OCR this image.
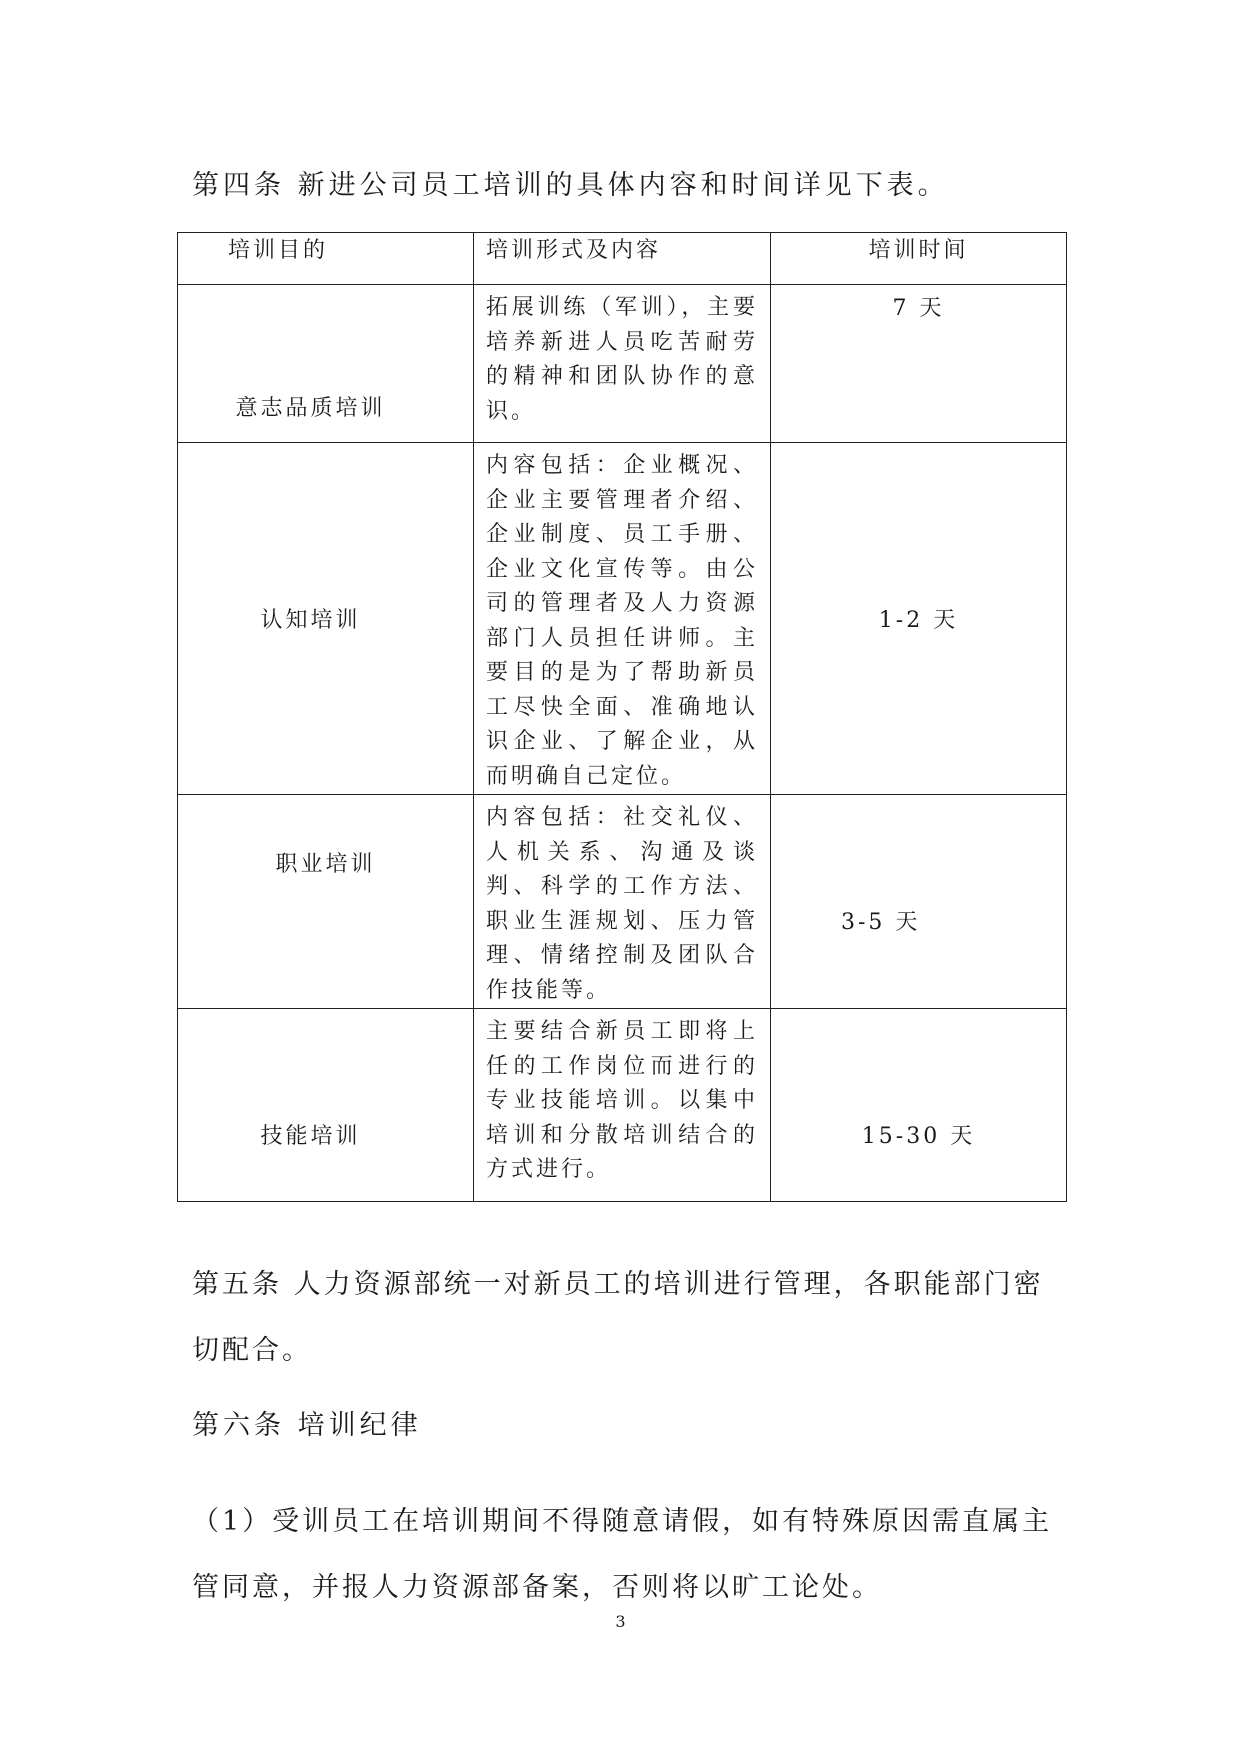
第四条 新进公司员工培训的具体内容和时间详见下表。
培训目的	培训形式及内容	培训时间
意志品质培训	拓展训练（军训），主要培养新进人员吃苦耐劳的精神和团队协作的意识。	7 天
认知培训	内容包括：企业概况、企业主要管理者介绍、企业制度、员工手册、企业文化宣传等。由公司的管理者及人力资源部门人员担任讲师。主要目的是为了帮助新员工尽快全面、准确地认识企业、了解企业，从而明确自己定位。	1-2 天
职业培训	内容包括：社交礼仪、人机关系、沟通及谈判、科学的工作方法、职业生涯规划、压力管理、情绪控制及团队合作技能等。	3-5 天
技能培训	主要结合新员工即将上任的工作岗位而进行的专业技能培训。以集中培训和分散培训结合的方式进行。	15-30 天
第五条 人力资源部统一对新员工的培训进行管理，各职能部门密切配合。
第六条 培训纪律
（1）受训员工在培训期间不得随意请假，如有特殊原因需直属主管同意，并报人力资源部备案，否则将以旷工论处。
3
